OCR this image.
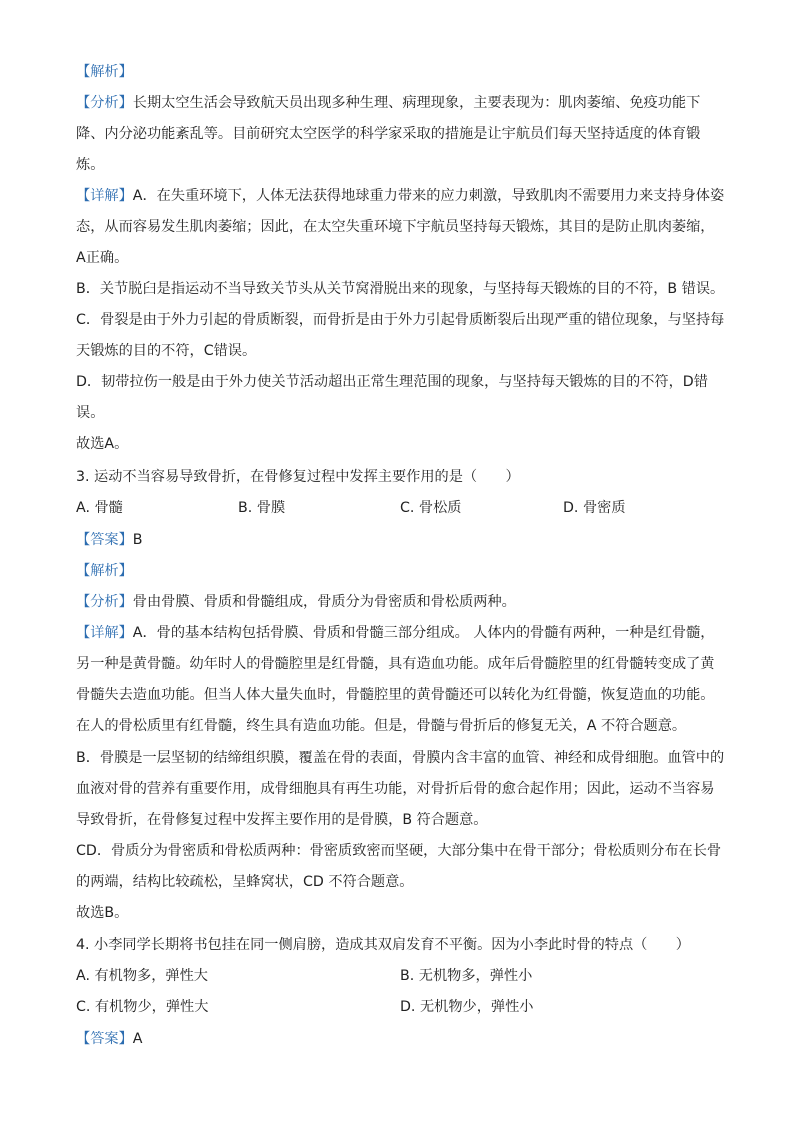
【解析】
【分析】长期太空生活会导致航天员出现多种生理、病理现象，主要表现为：肌肉萎缩、免疫功能下
降、内分泌功能紊乱等。目前研究太空医学的科学家采取的措施是让宇航员们每天坚持适度的体育锻
炼。
【详解】A．在失重环境下，人体无法获得地球重力带来的应力刺激，导致肌肉不需要用力来支持身体姿
态，从而容易发生肌肉萎缩；因此，在太空失重环境下宇航员坚持每天锻炼，其目的是防止肌肉萎缩，
A正确。
B．关节脱臼是指运动不当导致关节头从关节窝滑脱出来的现象，与坚持每天锻炼的目的不符，B 错误。
C．骨裂是由于外力引起的骨质断裂，而骨折是由于外力引起骨质断裂后出现严重的错位现象，与坚持每
天锻炼的目的不符，C错误。
D．韧带拉伤一般是由于外力使关节活动超出正常生理范围的现象，与坚持每天锻炼的目的不符，D错
误。
故选A。
3. 运动不当容易导致骨折，在骨修复过程中发挥主要作用的是（　　）
A. 骨髓	B. 骨膜	C. 骨松质	D. 骨密质
【答案】B
【解析】
【分析】骨由骨膜、骨质和骨髓组成，骨质分为骨密质和骨松质两种。
【详解】A．骨的基本结构包括骨膜、骨质和骨髓三部分组成。 人体内的骨髓有两种，一种是红骨髓，
另一种是黄骨髓。幼年时人的骨髓腔里是红骨髓，具有造血功能。成年后骨髓腔里的红骨髓转变成了黄
骨髓失去造血功能。但当人体大量失血时，骨髓腔里的黄骨髓还可以转化为红骨髓，恢复造血的功能。
在人的骨松质里有红骨髓，终生具有造血功能。但是，骨髓与骨折后的修复无关，A 不符合题意。
B．骨膜是一层坚韧的结缔组织膜，覆盖在骨的表面，骨膜内含丰富的血管、神经和成骨细胞。血管中的
血液对骨的营养有重要作用，成骨细胞具有再生功能，对骨折后骨的愈合起作用；因此，运动不当容易
导致骨折，在骨修复过程中发挥主要作用的是骨膜，B 符合题意。
CD．骨质分为骨密质和骨松质两种：骨密质致密而坚硬，大部分集中在骨干部分；骨松质则分布在长骨
的两端，结构比较疏松，呈蜂窝状，CD 不符合题意。
故选B。
4. 小李同学长期将书包挂在同一侧肩膀，造成其双肩发育不平衡。因为小李此时骨的特点（　　）
A. 有机物多，弹性大	B. 无机物多，弹性小
C. 有机物少，弹性大	D. 无机物少，弹性小
【答案】A
